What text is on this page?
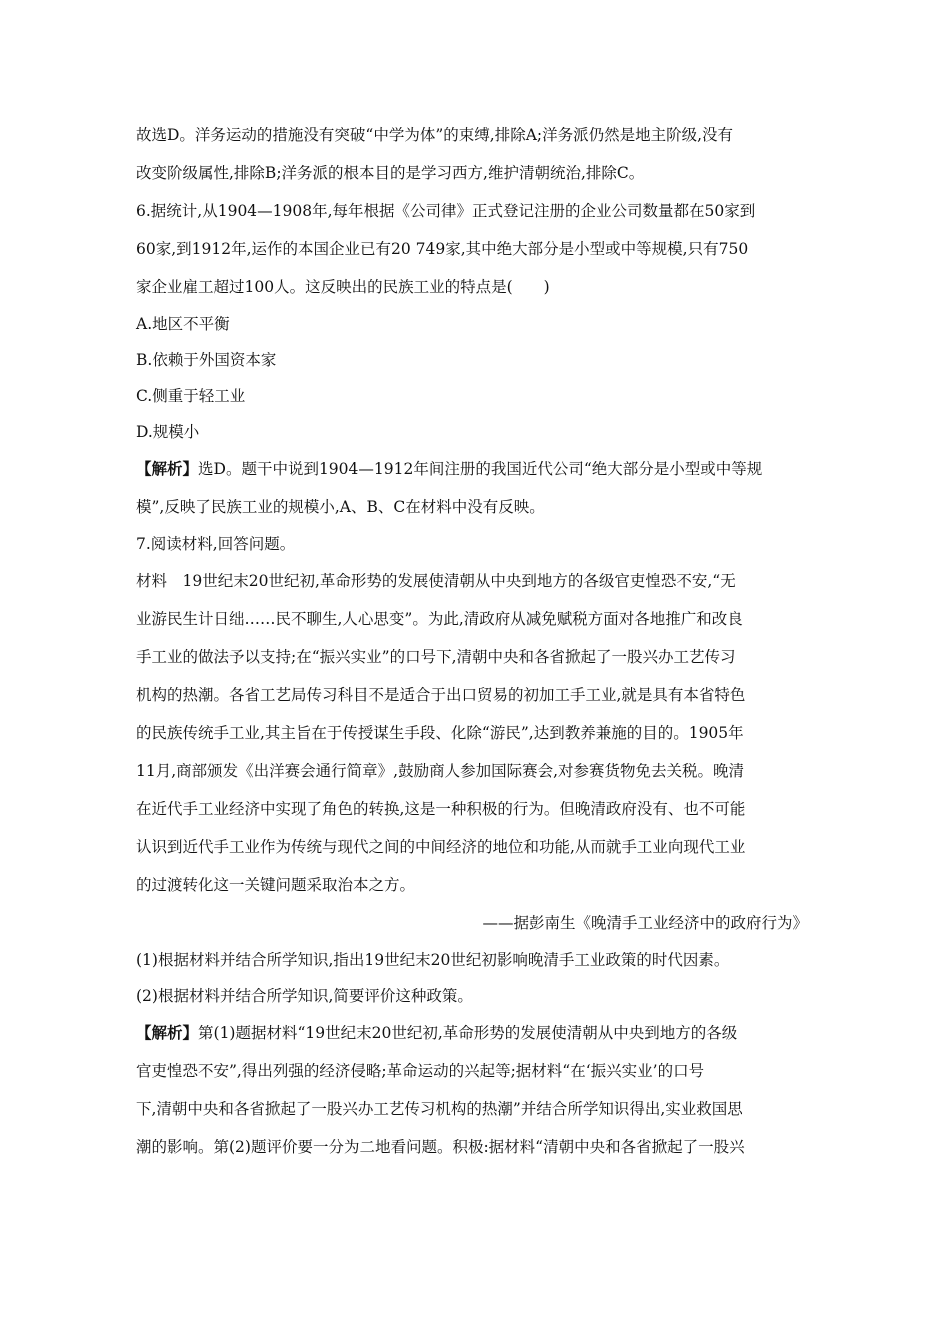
故选D。洋务运动的措施没有突破“中学为体”的束缚,排除A;洋务派仍然是地主阶级,没有
改变阶级属性,排除B;洋务派的根本目的是学习西方,维护清朝统治,排除C。
6.据统计,从1904—1908年,每年根据《公司律》正式登记注册的企业公司数量都在50家到
60家,到1912年,运作的本国企业已有20 749家,其中绝大部分是小型或中等规模,只有750
家企业雇工超过100人。这反映出的民族工业的特点是(　　)
A.地区不平衡
B.依赖于外国资本家
C.侧重于轻工业
D.规模小
【解析】选D。题干中说到1904—1912年间注册的我国近代公司“绝大部分是小型或中等规
模”,反映了民族工业的规模小,A、B、C在材料中没有反映。
7.阅读材料,回答问题。
材料　19世纪末20世纪初,革命形势的发展使清朝从中央到地方的各级官吏惶恐不安,“无
业游民生计日绌……民不聊生,人心思变”。为此,清政府从减免赋税方面对各地推广和改良
手工业的做法予以支持;在“振兴实业”的口号下,清朝中央和各省掀起了一股兴办工艺传习
机构的热潮。各省工艺局传习科目不是适合于出口贸易的初加工手工业,就是具有本省特色
的民族传统手工业,其主旨在于传授谋生手段、化除“游民”,达到教养兼施的目的。1905年
11月,商部颁发《出洋赛会通行简章》,鼓励商人参加国际赛会,对参赛货物免去关税。晚清
在近代手工业经济中实现了角色的转换,这是一种积极的行为。但晚清政府没有、也不可能
认识到近代手工业作为传统与现代之间的中间经济的地位和功能,从而就手工业向现代工业
的过渡转化这一关键问题采取治本之方。
——据彭南生《晚清手工业经济中的政府行为》
(1)根据材料并结合所学知识,指出19世纪末20世纪初影响晚清手工业政策的时代因素。
(2)根据材料并结合所学知识,简要评价这种政策。
【解析】第(1)题据材料“19世纪末20世纪初,革命形势的发展使清朝从中央到地方的各级
官吏惶恐不安”,得出列强的经济侵略;革命运动的兴起等;据材料“在‘振兴实业’的口号
下,清朝中央和各省掀起了一股兴办工艺传习机构的热潮”并结合所学知识得出,实业救国思
潮的影响。第(2)题评价要一分为二地看问题。积极:据材料“清朝中央和各省掀起了一股兴
